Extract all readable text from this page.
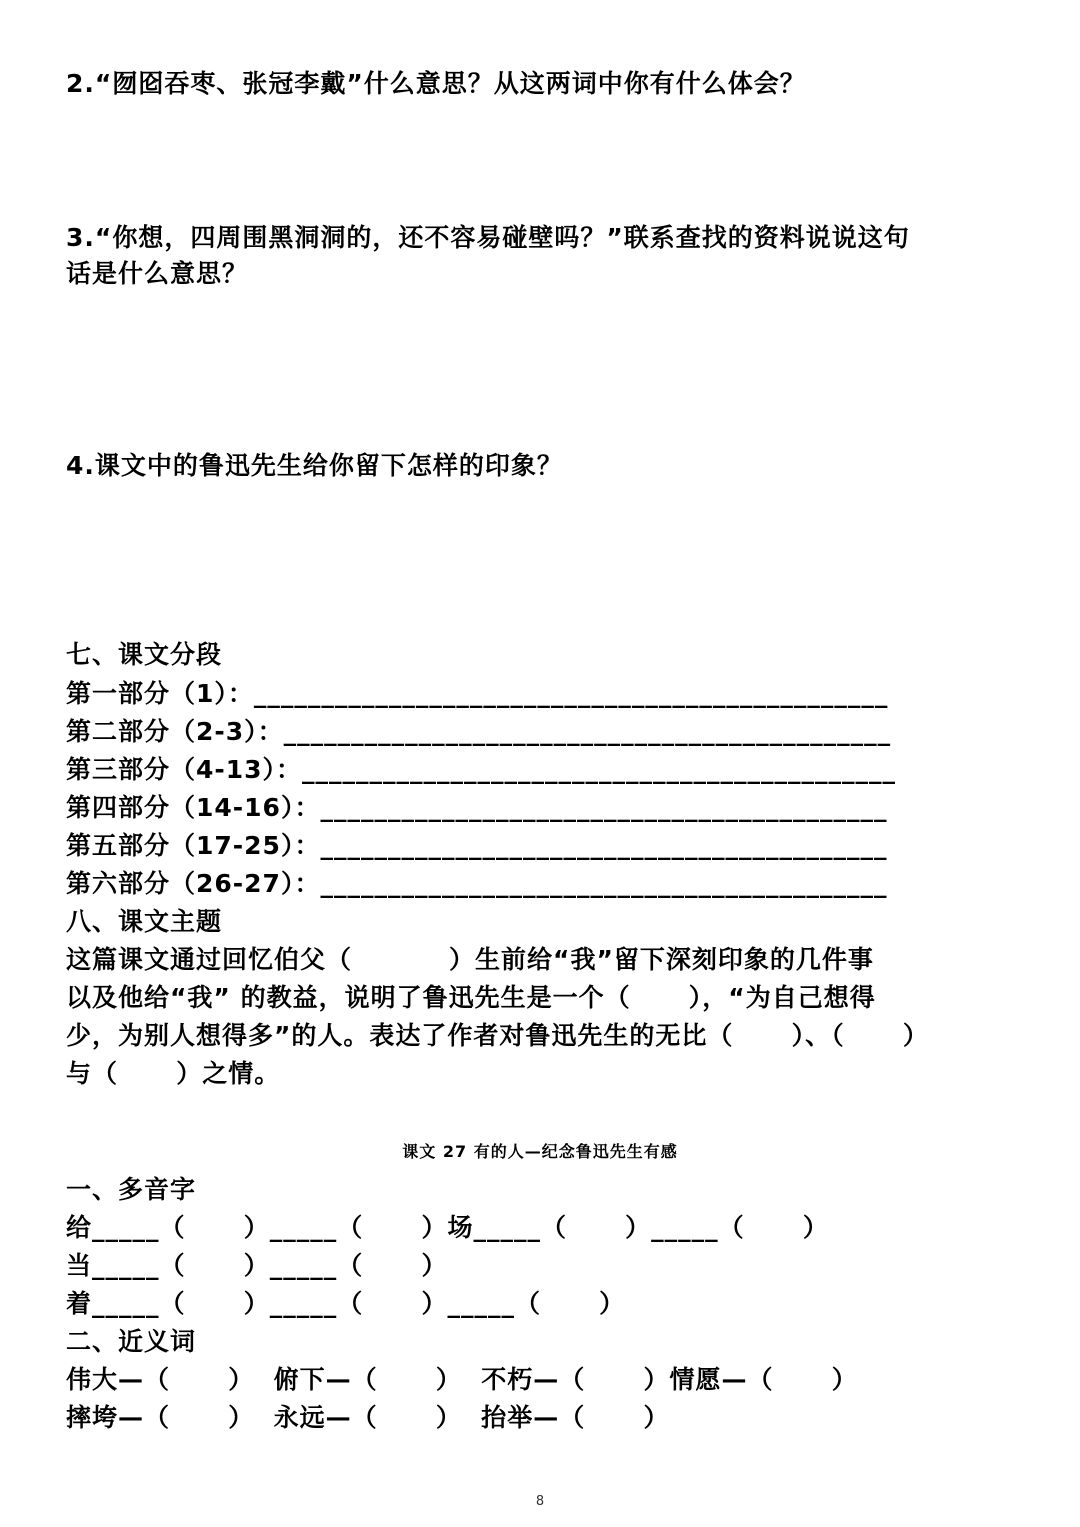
2.“囫囵吞枣、张冠李戴”什么意思？从这两词中你有什么体会？

3.“你想，四周围黑洞洞的，还不容易碰壁吗？”联系查找的资料说说这句

话是什么意思？

4.课文中的鲁迅先生给你留下怎样的印象？

七、课文分段

第一部分（1）：_______________________________________________

第二部分（2-3）：_____________________________________________

第三部分（4-13）：____________________________________________

第四部分（14-16）：__________________________________________

第五部分（17-25）：__________________________________________

第六部分（26-27）：__________________________________________

八、课文主题

这篇课文通过回忆伯父（          ）生前给“我”留下深刻印象的几件事

以及他给“我” 的教益，说明了鲁迅先生是一个（      ），“为自己想得

少，为别人想得多”的人。表达了作者对鲁迅先生的无比（      ）、（      ）

与（      ）之情。

课文 27 有的人—纪念鲁迅先生有感

一、多音字

给_____（      ）_____（      ）场_____（      ）_____（      ）

当_____（      ）_____（      ）

着_____（      ）_____（      ）_____（      ）

二、近义词

伟大—（      ）  俯下—（      ）  不朽—（      ）情愿—（      ）

摔垮—（      ）  永远—（      ）  抬举—（      ）

8
